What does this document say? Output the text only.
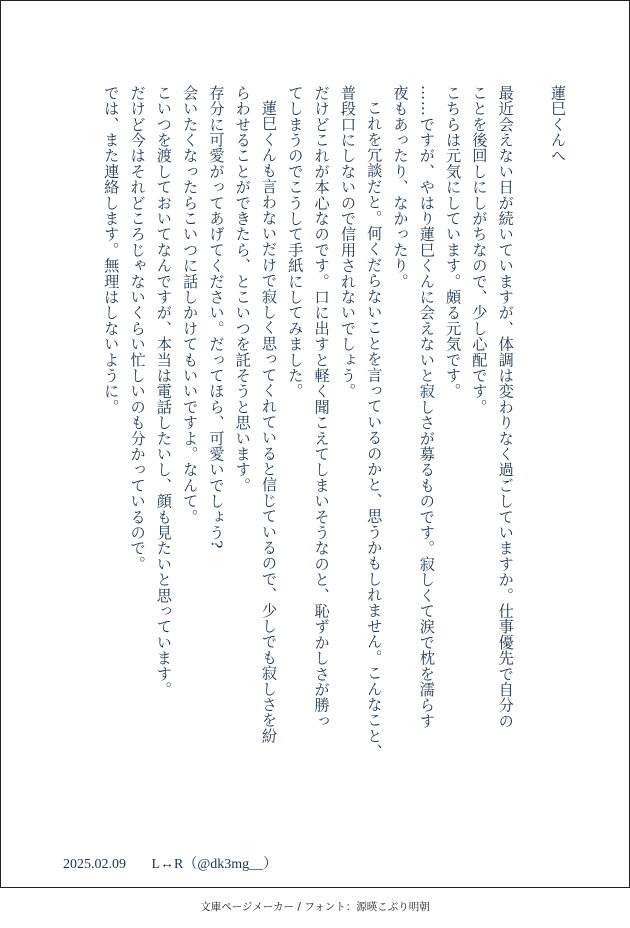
蓮巳くんへ
最近会えない日が続いていますが、体調は変わりなく過ごしていますか。仕事優先で自分の
ことを後回しにしがちなので、少し心配です。
こちらは元気にしています。頗る元気です。
……ですが、やはり蓮巳くんに会えないと寂しさが募るものです。寂しくて涙で枕を濡らす
夜もあったり、なかったり。
これを冗談だと。何くだらないことを言っているのかと、思うかもしれません。こんなこと、
普段口にしないので信用されないでしょう。
だけどこれが本心なのです。口に出すと軽く聞こえてしまいそうなのと、恥ずかしさが勝っ
てしまうのでこうして手紙にしてみました。
蓮巳くんも言わないだけで寂しく思ってくれていると信じているので、少しでも寂しさを紛
らわせることができたら、とこいつを託そうと思います。
存分に可愛がってあげてください。だってほら、可愛いでしょう?
会いたくなったらこいつに話しかけてもいいですよ。なんて。
こいつを渡しておいてなんですが、本当は電話したいし、顔も見たいと思っています。
だけど今はそれどころじゃないくらい忙しいのも分かっているので。
では、また連絡します。無理はしないように。
2025.02.09 L↔R（@dk3mg__）
文庫ページメーカー / フォント：源暎こぶり明朝
